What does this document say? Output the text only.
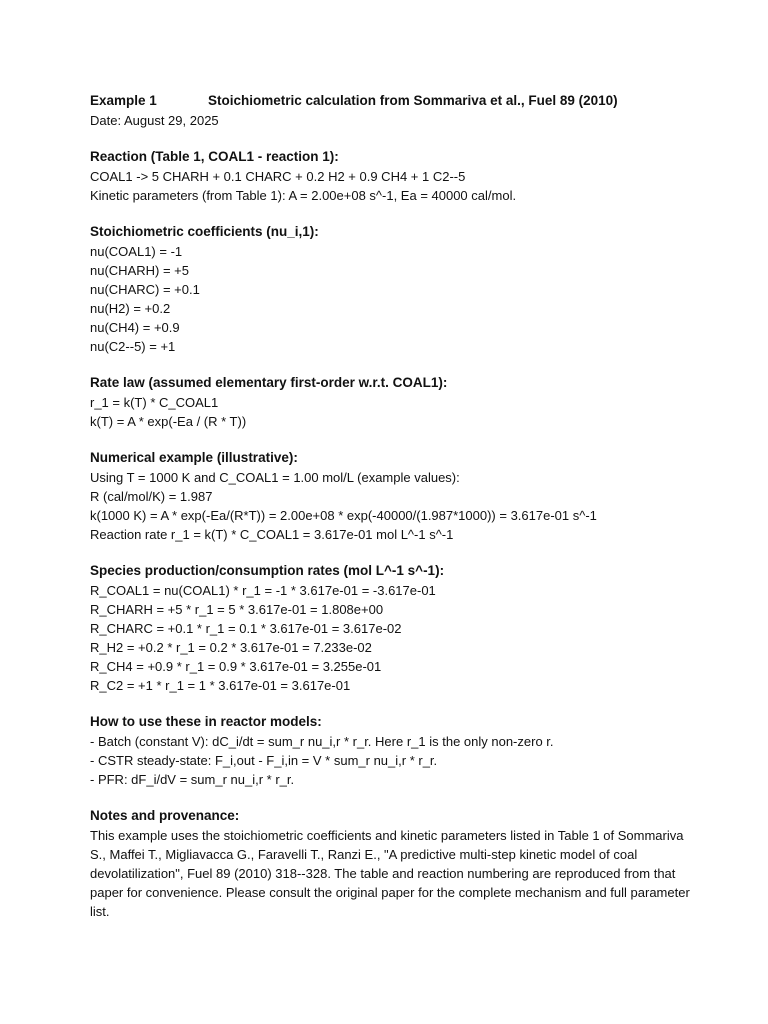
Example 1	Stoichiometric calculation from Sommariva et al., Fuel 89 (2010)
Date: August 29, 2025
Reaction (Table 1, COAL1 - reaction 1):
COAL1 -> 5 CHARH + 0.1 CHARC + 0.2 H2 + 0.9 CH4 + 1 C2--5
Kinetic parameters (from Table 1): A = 2.00e+08 s^-1, Ea = 40000 cal/mol.
Stoichiometric coefficients (nu_i,1):
nu(COAL1) = -1
nu(CHARH) = +5
nu(CHARC) = +0.1
nu(H2) = +0.2
nu(CH4) = +0.9
nu(C2--5) = +1
Rate law (assumed elementary first-order w.r.t. COAL1):
r_1 = k(T) * C_COAL1
k(T) = A * exp(-Ea / (R * T))
Numerical example (illustrative):
Using T = 1000 K and C_COAL1 = 1.00 mol/L (example values):
R (cal/mol/K) = 1.987
k(1000 K) = A * exp(-Ea/(R*T)) = 2.00e+08 * exp(-40000/(1.987*1000)) = 3.617e-01 s^-1
Reaction rate r_1 = k(T) * C_COAL1 = 3.617e-01 mol L^-1 s^-1
Species production/consumption rates (mol L^-1 s^-1):
R_COAL1 = nu(COAL1) * r_1 = -1 * 3.617e-01 = -3.617e-01
R_CHARH = +5 * r_1 = 5 * 3.617e-01 = 1.808e+00
R_CHARC = +0.1 * r_1 = 0.1 * 3.617e-01 = 3.617e-02
R_H2 = +0.2 * r_1 = 0.2 * 3.617e-01 = 7.233e-02
R_CH4 = +0.9 * r_1 = 0.9 * 3.617e-01 = 3.255e-01
R_C2 = +1 * r_1 = 1 * 3.617e-01 = 3.617e-01
How to use these in reactor models:
- Batch (constant V): dC_i/dt = sum_r nu_i,r * r_r. Here r_1 is the only non-zero r.
- CSTR steady-state: F_i,out - F_i,in = V * sum_r nu_i,r * r_r.
- PFR: dF_i/dV = sum_r nu_i,r * r_r.
Notes and provenance:
This example uses the stoichiometric coefficients and kinetic parameters listed in Table 1 of Sommariva S., Maffei T., Migliavacca G., Faravelli T., Ranzi E., "A predictive multi-step kinetic model of coal devolatilization", Fuel 89 (2010) 318--328. The table and reaction numbering are reproduced from that paper for convenience. Please consult the original paper for the complete mechanism and full parameter list.
